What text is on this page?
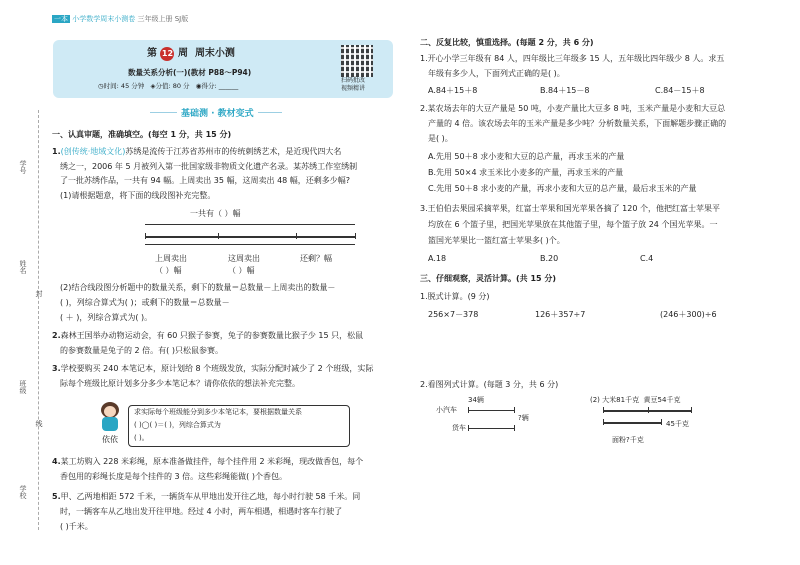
一本 小学数学周末小测卷 三年级上册 SJ版
学号
姓名
封
班级
线
学校
第 12 周 周末小测
数量关系分析(一)(教材 P88～P94)
◷时间: 45 分钟 ◈分值: 80 分 ◉得分: ______
扫码批改
视频精讲
基础测 · 教材变式
一、认真审题，准确填空。(每空 1 分，共 15 分)
1.(创传统·地域文化)苏绣是流传于江苏省苏州市的传统刺绣艺术，是近现代四大名
绣之一，2006 年 5 月被列入第一批国家级非物质文化遗产名录。某苏绣工作室绣制
了一批苏绣作品，一共有 94 幅。上周卖出 35 幅，这周卖出 48 幅，还剩多少幅?
(1)请根据题意，将下面的线段图补充完整。
一共有（ ）幅
上周卖出	这周卖出	还剩？幅
（ ）幅	（ ）幅
(2)结合线段图分析题中的数量关系，剩下的数量＝总数量－上周卖出的数量－
( )，列综合算式为( )；或剩下的数量＝总数量－
( ＋ )，列综合算式为( )。
2.森林王国举办动物运动会，有 60 只猴子参赛，兔子的参赛数量比猴子少 15 只，松鼠
的参赛数量是兔子的 2 倍。有( )只松鼠参赛。
3.学校要购买 240 本笔记本，原计划给 8 个班级发放，实际分配时减少了 2 个班级，实际
际每个班级比原计划多分多少本笔记本？请你依依的想法补充完整。
依依
求实际每个班级能分到多少本笔记本，要根据数量关系
( )◯( )＝( )，列综合算式为
( )。
4.某工坊购入 228 米彩绳，原本准备做挂件，每个挂件用 2 米彩绳，现改做香包，每个
香包用的彩绳长度是每个挂件的 3 倍。这些彩绳能做( )个香包。
5.甲、乙两地相距 572 千米，一辆货车从甲地出发开往乙地，每小时行驶 58 千米。同
时，一辆客车从乙地出发开往甲地。经过 4 小时，两车相遇，相遇时客车行驶了
( )千米。
二、反复比较，慎重选择。(每题 2 分，共 6 分)
1.开心小学三年级有 84 人，四年级比三年级多 15 人，五年级比四年级少 8 人。求五
年级有多少人，下面列式正确的是( )。
A.84＋15＋8	B.84＋15－8	C.84－15＋8
2.某农场去年的大豆产量是 50 吨，小麦产量比大豆多 8 吨，玉米产量是小麦和大豆总
产量的 4 倍。该农场去年的玉米产量是多少吨？分析数量关系，下面解题步骤正确的
是( )。
A.先用 50＋8 求小麦和大豆的总产量，再求玉米的产量
B.先用 50×4 求玉米比小麦多的产量，再求玉米的产量
C.先用 50＋8 求小麦的产量，再求小麦和大豆的总产量，最后求玉米的产量
3.王伯伯去果园采摘苹果，红富士苹果和国光苹果各摘了 120 个，他把红富士苹果平
均放在 6 个篮子里，把国光苹果放在其他篮子里，每个篮子放 24 个国光苹果。一
篮国光苹果比一篮红富士苹果多( )个。
A.18	B.20	C.4
三、仔细观察，灵活计算。(共 15 分)
1.脱式计算。(9 分)
256×7－378	126＋357÷7	(246＋300)÷6
2.看图列式计算。(每题 3 分，共 6 分)
34辆
小汽车
?辆
货车
(2) 大米81千克 黄豆54千克
45千克
面粉?千克
